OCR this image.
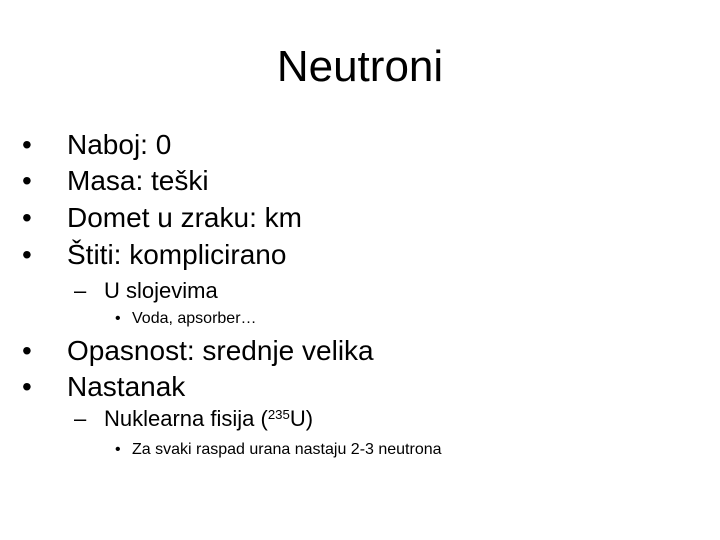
Neutroni
• Naboj: 0
• Masa: teški
• Domet u zraku: km
• Štiti: komplicirano
– U slojevima
• Voda, apsorber…
• Opasnost: srednje velika
• Nastanak
– Nuklearna fisija ($^{235}$U)
• Za svaki raspad urana nastaju 2-3 neutrona
